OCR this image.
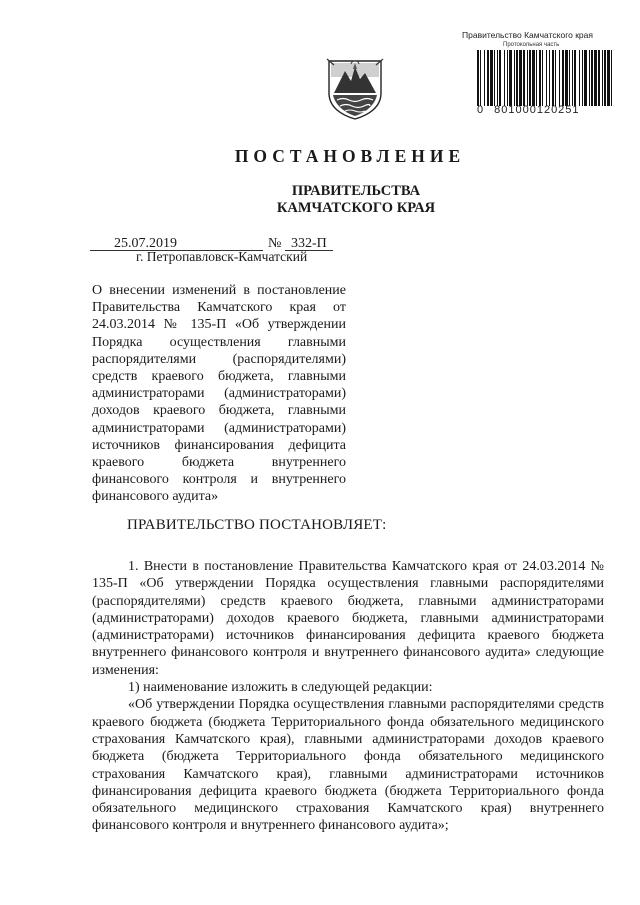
Правительство Камчатского края
Протокольная часть
0 801000120251
ПОСТАНОВЛЕНИЕ
ПРАВИТЕЛЬСТВА
КАМЧАТСКОГО КРАЯ
25.07.2019	№ 332-П
г. Петропавловск-Камчатский
О внесении изменений в постановление Правительства Камчатского края от 24.03.2014 № 135-П «Об утверждении Порядка осуществления главными распорядителями (распорядителями) средств краевого бюджета, главными администраторами (администраторами) доходов краевого бюджета, главными администраторами (администраторами) источников финансирования дефицита краевого бюджета внутреннего финансового контроля и внутреннего финансового аудита»
ПРАВИТЕЛЬСТВО ПОСТАНОВЛЯЕТ:

1. Внести в постановление Правительства Камчатского края от 24.03.2014 № 135-П «Об утверждении Порядка осуществления главными распорядителями (распорядителями) средств краевого бюджета, главными администраторами (администраторами) доходов краевого бюджета, главными администраторами (администраторами) источников финансирования дефицита краевого бюджета внутреннего финансового контроля и внутреннего финансового аудита» следующие изменения:

1) наименование изложить в следующей редакции:

«Об утверждении Порядка осуществления главными распорядителями средств краевого бюджета (бюджета Территориального фонда обязательного медицинского страхования Камчатского края), главными администраторами доходов краевого бюджета (бюджета Территориального фонда обязательного медицинского страхования Камчатского края), главными администраторами источников финансирования дефицита краевого бюджета (бюджета Территориального фонда обязательного медицинского страхования Камчатского края) внутреннего финансового контроля и внутреннего финансового аудита»;
